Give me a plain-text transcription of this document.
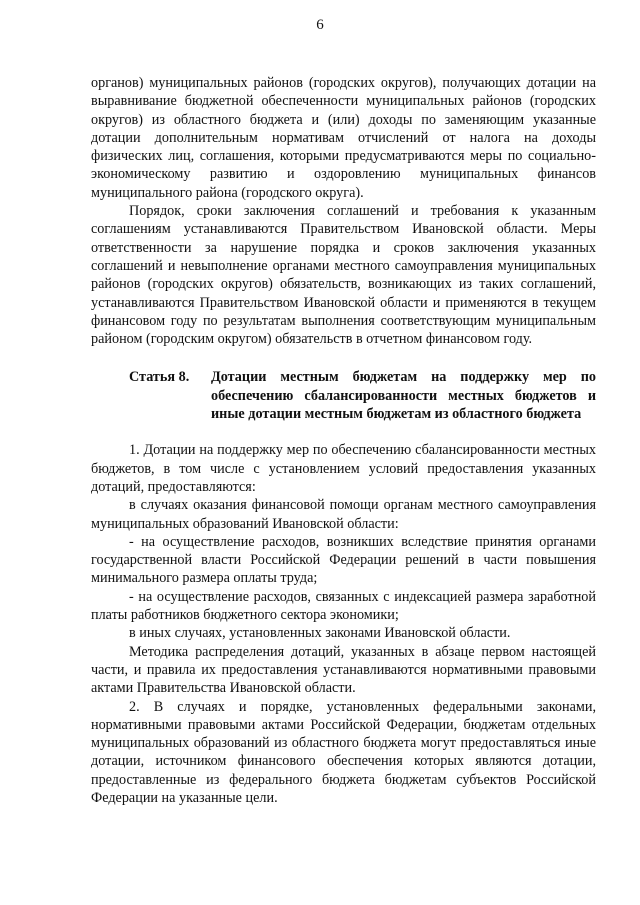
6

органов) муниципальных районов (городских округов), получающих дотации на выравнивание бюджетной обеспеченности муниципальных районов (городских округов) из областного бюджета и (или) доходы по заменяющим указанные дотации дополнительным нормативам отчислений от налога на доходы физических лиц, соглашения, которыми предусматриваются меры по социально-экономическому развитию и оздоровлению муниципальных финансов муниципального района (городского округа).

Порядок, сроки заключения соглашений и требования к указанным соглашениям устанавливаются Правительством Ивановской области. Меры ответственности за нарушение порядка и сроков заключения указанных соглашений и невыполнение органами местного самоуправления муниципальных районов (городских округов) обязательств, возникающих из таких соглашений, устанавливаются Правительством Ивановской области и применяются в текущем финансовом году по результатам выполнения соответствующим муниципальным районом (городским округом) обязательств в отчетном финансовом году.

Статья 8.	Дотации местным бюджетам на поддержку мер по обеспечению сбалансированности местных бюджетов и иные дотации местным бюджетам из областного бюджета

1. Дотации на поддержку мер по обеспечению сбалансированности местных бюджетов, в том числе с установлением условий предоставления указанных дотаций, предоставляются:

в случаях оказания финансовой помощи органам местного самоуправления муниципальных образований Ивановской области:

- на осуществление расходов, возникших вследствие принятия органами государственной власти Российской Федерации решений в части повышения минимального размера оплаты труда;

- на осуществление расходов, связанных с индексацией размера заработной платы работников бюджетного сектора экономики;

в иных случаях, установленных законами Ивановской области.

Методика распределения дотаций, указанных в абзаце первом настоящей части, и правила их предоставления устанавливаются нормативными правовыми актами Правительства Ивановской области.

2. В случаях и порядке, установленных федеральными законами, нормативными правовыми актами Российской Федерации, бюджетам отдельных муниципальных образований из областного бюджета могут предоставляться иные дотации, источником финансового обеспечения которых являются дотации, предоставленные из федерального бюджета бюджетам субъектов Российской Федерации на указанные цели.
